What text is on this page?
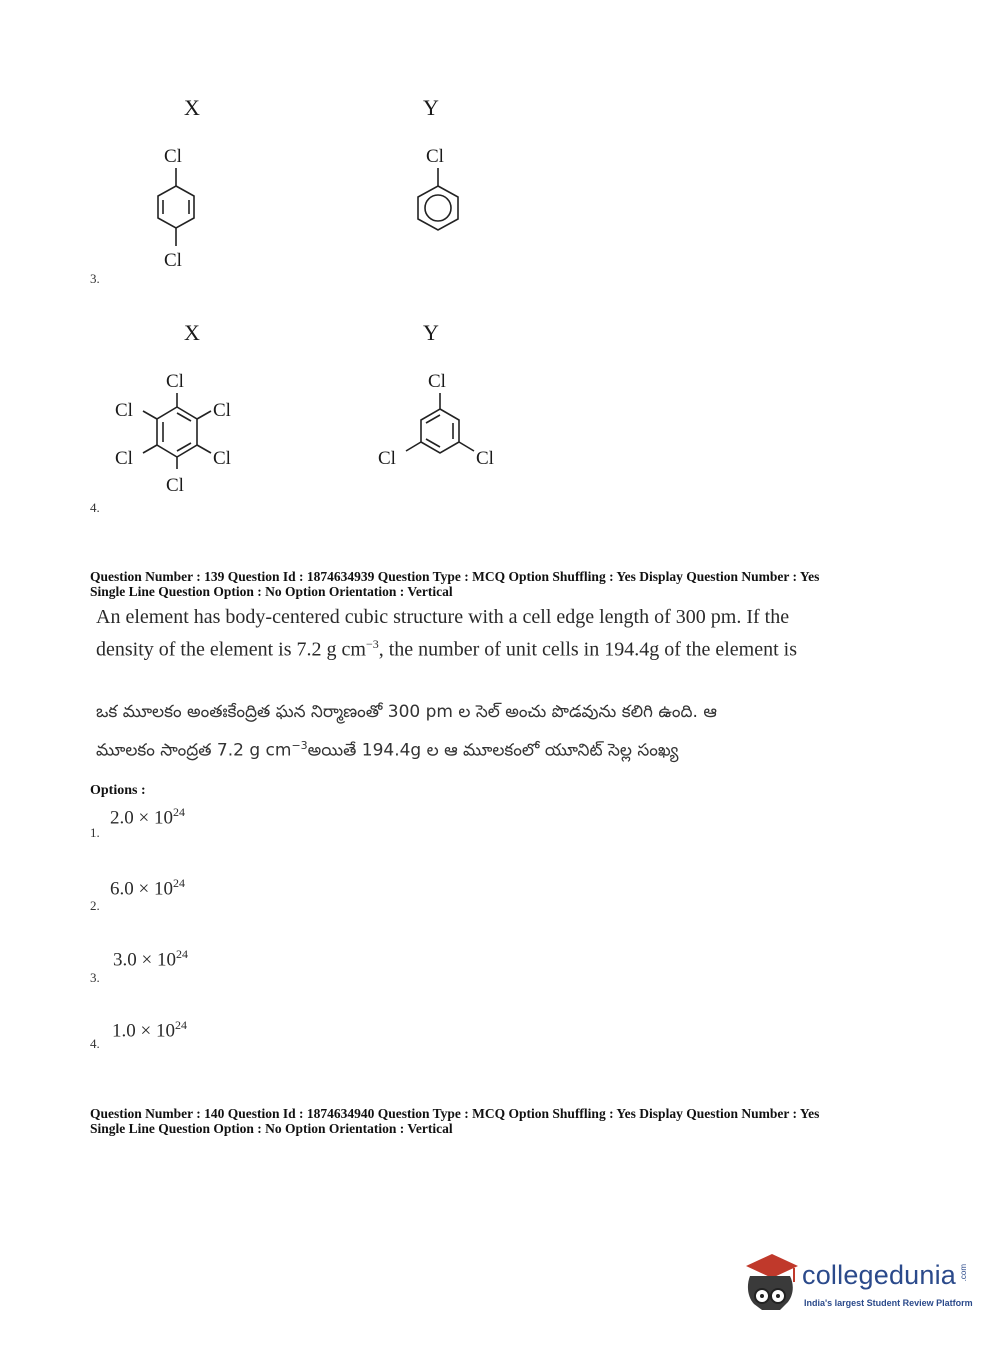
X	Y
Cl
Cl
Cl
3.
X	Y
Cl
Cl	Cl
Cl	Cl
Cl
Cl
Cl	Cl
4.
Question Number : 139 Question Id : 1874634939 Question Type : MCQ Option Shuffling : Yes Display Question Number : Yes
Single Line Question Option : No Option Orientation : Vertical
An element has body-centered cubic structure with a cell edge length of 300 pm. If the
density of the element is 7.2 g $cm^{-3}$, the number of unit cells in 194.4g of the element is
ఒక మూలకం అంతఃకేంద్రిత ఘన నిర్మాణంతో 300 pm ల సెల్ అంచు పొడవును కలిగి ఉంది. ఆ
మూలకం సాంద్రత 7.2 g $cm^{-3}అయితే$ 194.4g ల ఆ మూలకంలో యూనిట్ సెల్ల సంఖ్య
Options :
$2.0 \times 10^{24}$
1.
$6.0 \times 10^{24}$
2.
$3.0 \times 10^{24}$
3.
$1.0 \times 10^{24}$
4.
Question Number : 140 Question Id : 1874634940 Question Type : MCQ Option Shuffling : Yes Display Question Number : Yes
Single Line Question Option : No Option Orientation : Vertical
collegedunia .com
India's largest Student Review Platform
